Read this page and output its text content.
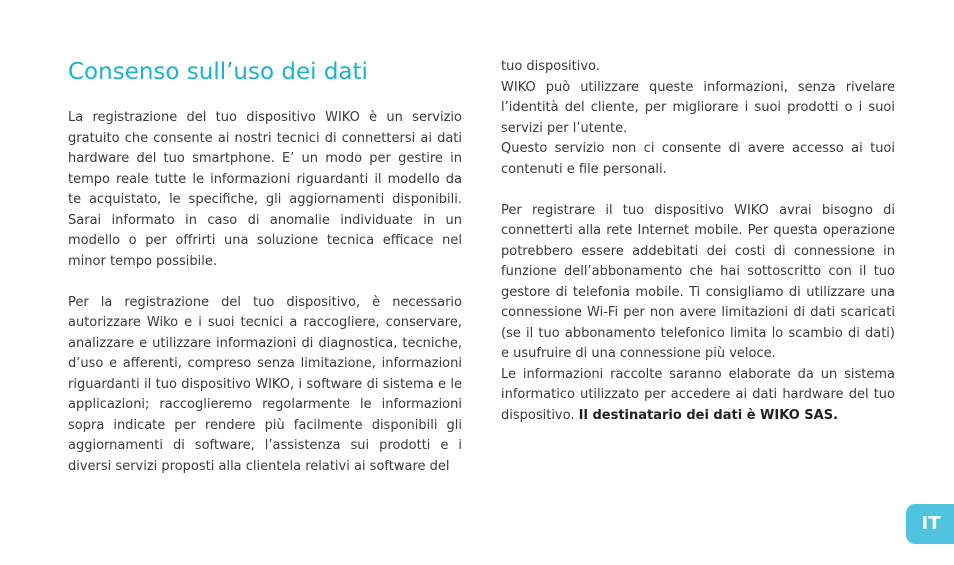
Consenso sull’uso dei dati

La registrazione del tuo dispositivo WIKO è un servizio gratuito che consente ai nostri tecnici di connettersi ai dati hardware del tuo smartphone. E’ un modo per gestire in tempo reale tutte le informazioni riguardanti il modello da te acquistato, le specifiche, gli aggiornamenti disponibili. Sarai informato in caso di anomalie individuate in un modello o per offrirti una soluzione tecnica efficace nel minor tempo possibile.

Per la registrazione del tuo dispositivo, è necessario autorizzare Wiko e i suoi tecnici a raccogliere, conservare, analizzare e utilizzare informazioni di diagnostica, tecniche, d’uso e afferenti, compreso senza limitazione, informazioni riguardanti il tuo dispositivo WIKO, i software di sistema e le applicazioni; raccoglieremo regolarmente le informazioni sopra indicate per rendere più facilmente disponibili gli aggiornamenti di software, l’assistenza sui prodotti e i diversi servizi proposti alla clientela relativi ai software del

tuo dispositivo.

WIKO può utilizzare queste informazioni, senza rivelare l’identità del cliente, per migliorare i suoi prodotti o i suoi servizi per l’utente.

Questo servizio non ci consente di avere accesso ai tuoi contenuti e file personali.

Per registrare il tuo dispositivo WIKO avrai bisogno di connetterti alla rete Internet mobile. Per questa operazione potrebbero essere addebitati dei costi di connessione in funzione dell’abbonamento che hai sottoscritto con il tuo gestore di telefonia mobile. Ti consigliamo di utilizzare una connessione Wi-Fi per non avere limitazioni di dati scaricati (se il tuo abbonamento telefonico limita lo scambio di dati) e usufruire di una connessione più veloce.

Le informazioni raccolte saranno elaborate da un sistema informatico utilizzato per accedere ai dati hardware del tuo dispositivo. Il destinatario dei dati è WIKO SAS.

IT
